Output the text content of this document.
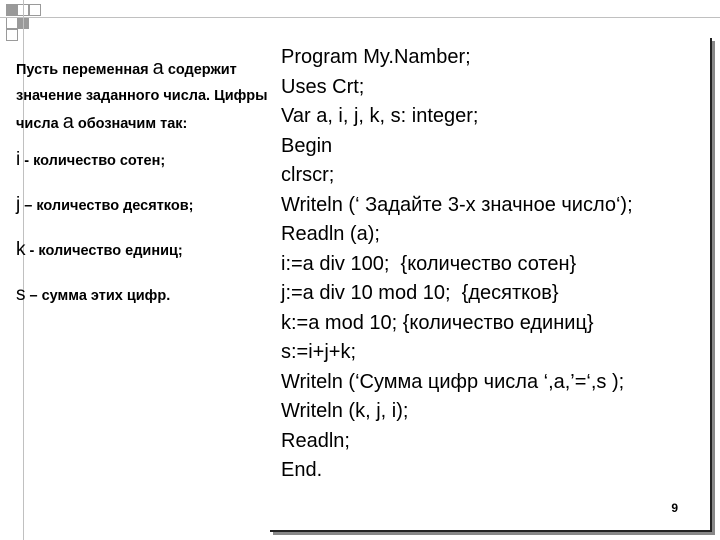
Пусть переменная a содержит значение заданного числа. Цифры числа a обозначим так:

i - количество сотен;

j – количество десятков;

k - количество единиц;

s – сумма этих цифр.

Program My.Namber;
Uses Crt;
Var a, i, j, k, s: integer;
Begin
clrscr;
Writeln (‘ Задайте 3-х значное число‘);
Readln (a);
i:=a div 100;  {количество сотен}
j:=a div 10 mod 10;  {десятков}
k:=a mod 10; {количество единиц}
s:=i+j+k;
Writeln (‘Сумма цифр числа ‘,a,’=‘,s );
Writeln (k, j, i);
Readln;
End.
9
